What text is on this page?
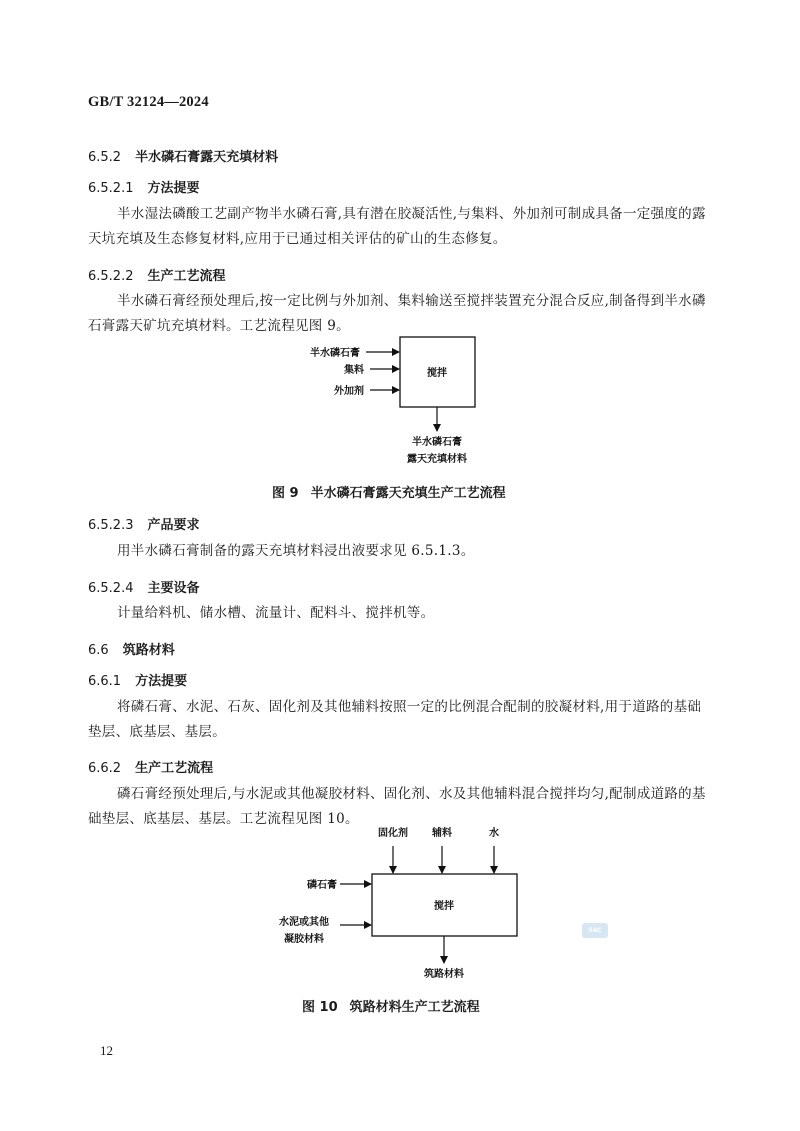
GB/T 32124—2024
6.5.2 半水磷石膏露天充填材料
6.5.2.1 方法提要
半水湿法磷酸工艺副产物半水磷石膏,具有潜在胶凝活性,与集料、外加剂可制成具备一定强度的露天坑充填及生态修复材料,应用于已通过相关评估的矿山的生态修复。
6.5.2.2 生产工艺流程
半水磷石膏经预处理后,按一定比例与外加剂、集料输送至搅拌装置充分混合反应,制备得到半水磷石膏露天矿坑充填材料。工艺流程见图 9。
搅拌
半水磷石膏
集料
外加剂
半水磷石膏
露天充填材料
图 9 半水磷石膏露天充填生产工艺流程
6.5.2.3 产品要求
用半水磷石膏制备的露天充填材料浸出液要求见 6.5.1.3。
6.5.2.4 主要设备
计量给料机、储水槽、流量计、配料斗、搅拌机等。
6.6 筑路材料
6.6.1 方法提要
将磷石膏、水泥、石灰、固化剂及其他辅料按照一定的比例混合配制的胶凝材料,用于道路的基础垫层、底基层、基层。
6.6.2 生产工艺流程
磷石膏经预处理后,与水泥或其他凝胶材料、固化剂、水及其他辅料混合搅拌均匀,配制成道路的基础垫层、底基层、基层。工艺流程见图 10。
固化剂 辅料	水
搅拌
磷石膏
水泥或其他
凝胶材料
筑路材料
SAC
图 10 筑路材料生产工艺流程
12
